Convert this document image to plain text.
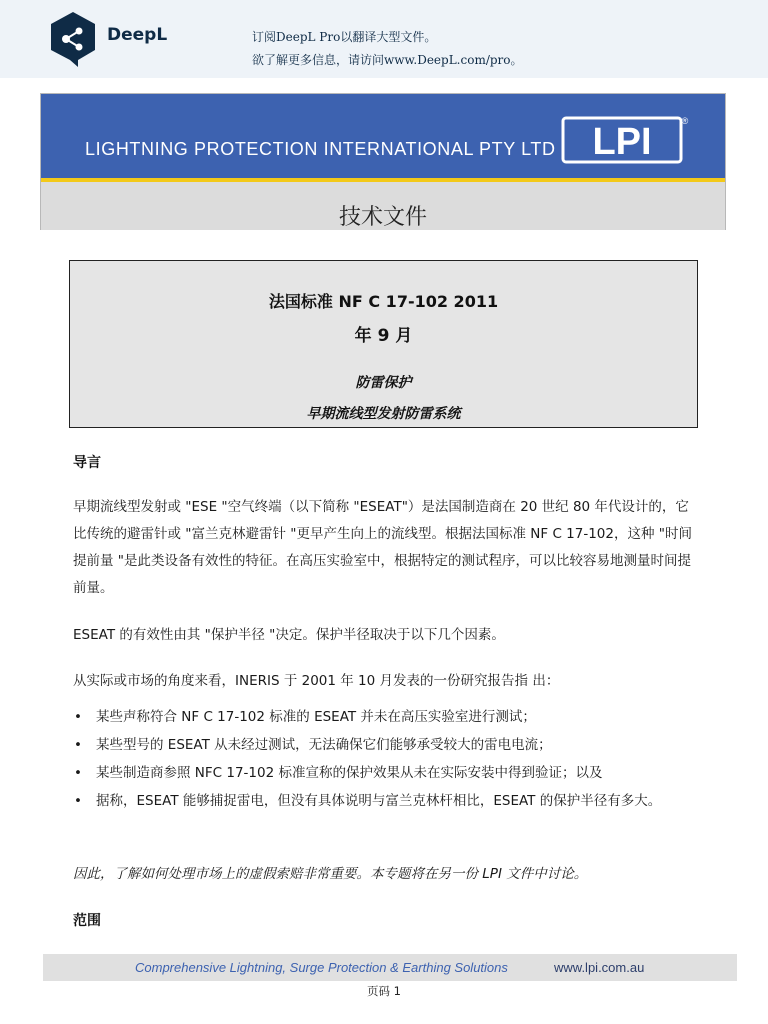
DeepL	订阅DeepL Pro以翻译大型文件。
欲了解更多信息，请访问www.DeepL.com/pro。
LIGHTNING PROTECTION INTERNATIONAL PTY LTD LPI	®
技术文件
法国标准 NF C 17-102 2011
年 9 月
防雷保护
早期流线型发射防雷系统
导言
早期流线型发射或 "ESE "空气终端（以下简称 "ESEAT"）是法国制造商在 20 世纪 80 年代设计的，它比传统的避雷针或 "富兰克林避雷针 "更早产生向上的流线型。根据法国标准 NF C 17-102，这种 "时间提前量 "是此类设备有效性的特征。在高压实验室中，根据特定的测试程序，可以比较容易地测量时间提前量。
ESEAT 的有效性由其 "保护半径 "决定。保护半径取决于以下几个因素。
从实际或市场的角度来看，INERIS 于 2001 年 10 月发表的一份研究报告指 出：
• 某些声称符合 NF C 17-102 标准的 ESEAT 并未在高压实验室进行测试；
• 某些型号的 ESEAT 从未经过测试，无法确保它们能够承受较大的雷电电流；
• 某些制造商参照 NFC 17-102 标准宣称的保护效果从未在实际安装中得到验证；以及
• 据称，ESEAT 能够捕捉雷电，但没有具体说明与富兰克林杆相比，ESEAT 的保护半径有多大。
因此，了解如何处理市场上的虚假索赔非常重要。本专题将在另一份 LPI 文件中讨论。
范围
Comprehensive Lightning, Surge Protection & Earthing Solutions	www.lpi.com.au
页码 1
